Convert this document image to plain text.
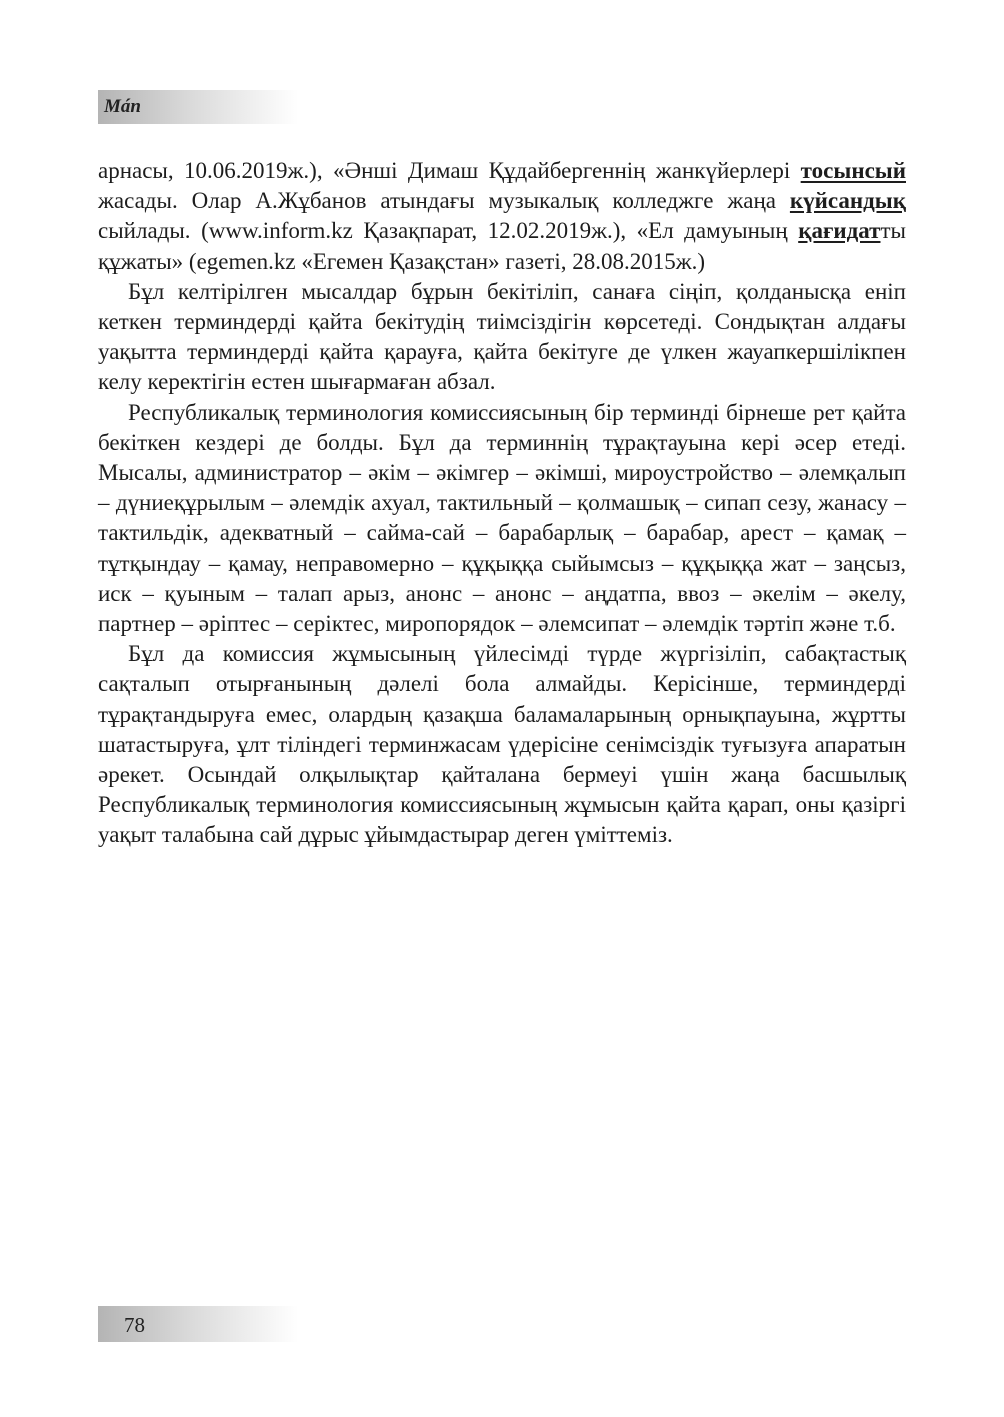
Мáп

арнасы, 10.06.2019ж.), «Әнші Димаш Құдайбергеннің жанкүйерлері тосынсый жасады. Олар А.Жұбанов атындағы музыкалық колледжге жаңа күйсандық сыйлады. (www.inform.kz Қазақпарат, 12.02.2019ж.), «Ел дамуының қағидатты құжаты» (egemen.kz «Егемен Қазақстан» газеті, 28.08.2015ж.)

Бұл келтірілген мысалдар бұрын бекітіліп, санаға сіңіп, қолданысқа еніп кеткен терминдерді қайта бекітудің тиімсіздігін көрсетеді. Сондықтан алдағы уақытта терминдерді қайта қарауға, қайта бекітуге де үлкен жауапкершілікпен келу керектігін естен шығармаған абзал.

Республикалық терминология комиссиясының бір терминді бірнеше рет қайта бекіткен кездері де болды. Бұл да терминнің тұрақтауына кері әсер етеді. Мысалы, администратор – әкім – әкімгер – әкімші, мироустройство – әлемқалып – дүниеқұрылым – әлемдік ахуал, тактильный – қолмашық – сипап сезу, жанасу – тактильдік, адекватный – сайма-сай – барабарлық – барабар, арест – қамақ – тұтқындау – қамау, неправомерно – құқыққа сыйымсыз – құқыққа жат – заңсыз, иск – қуыным – талап арыз, анонс – анонс – аңдатпа, ввоз – әкелім – әкелу, партнер – әріптес – серіктес, миропорядок – әлемсипат – әлемдік тәртіп және т.б.

Бұл да комиссия жұмысының үйлесімді түрде жүргізіліп, сабақтастық сақталып отырғанының дәлелі бола алмайды. Керісінше, терминдерді тұрақтандыруға емес, олардың қазақша баламаларының орнықпауына, жұртты шатастыруға, ұлт тіліндегі терминжасам үдерісіне сенімсіздік туғызуға апаратын әрекет. Осындай олқылықтар қайталана бермеуі үшін жаңа басшылық Республикалық терминология комиссиясының жұмысын қайта қарап, оны қазіргі уақыт талабына сай дұрыс ұйымдастырар деген үміттеміз.

78
